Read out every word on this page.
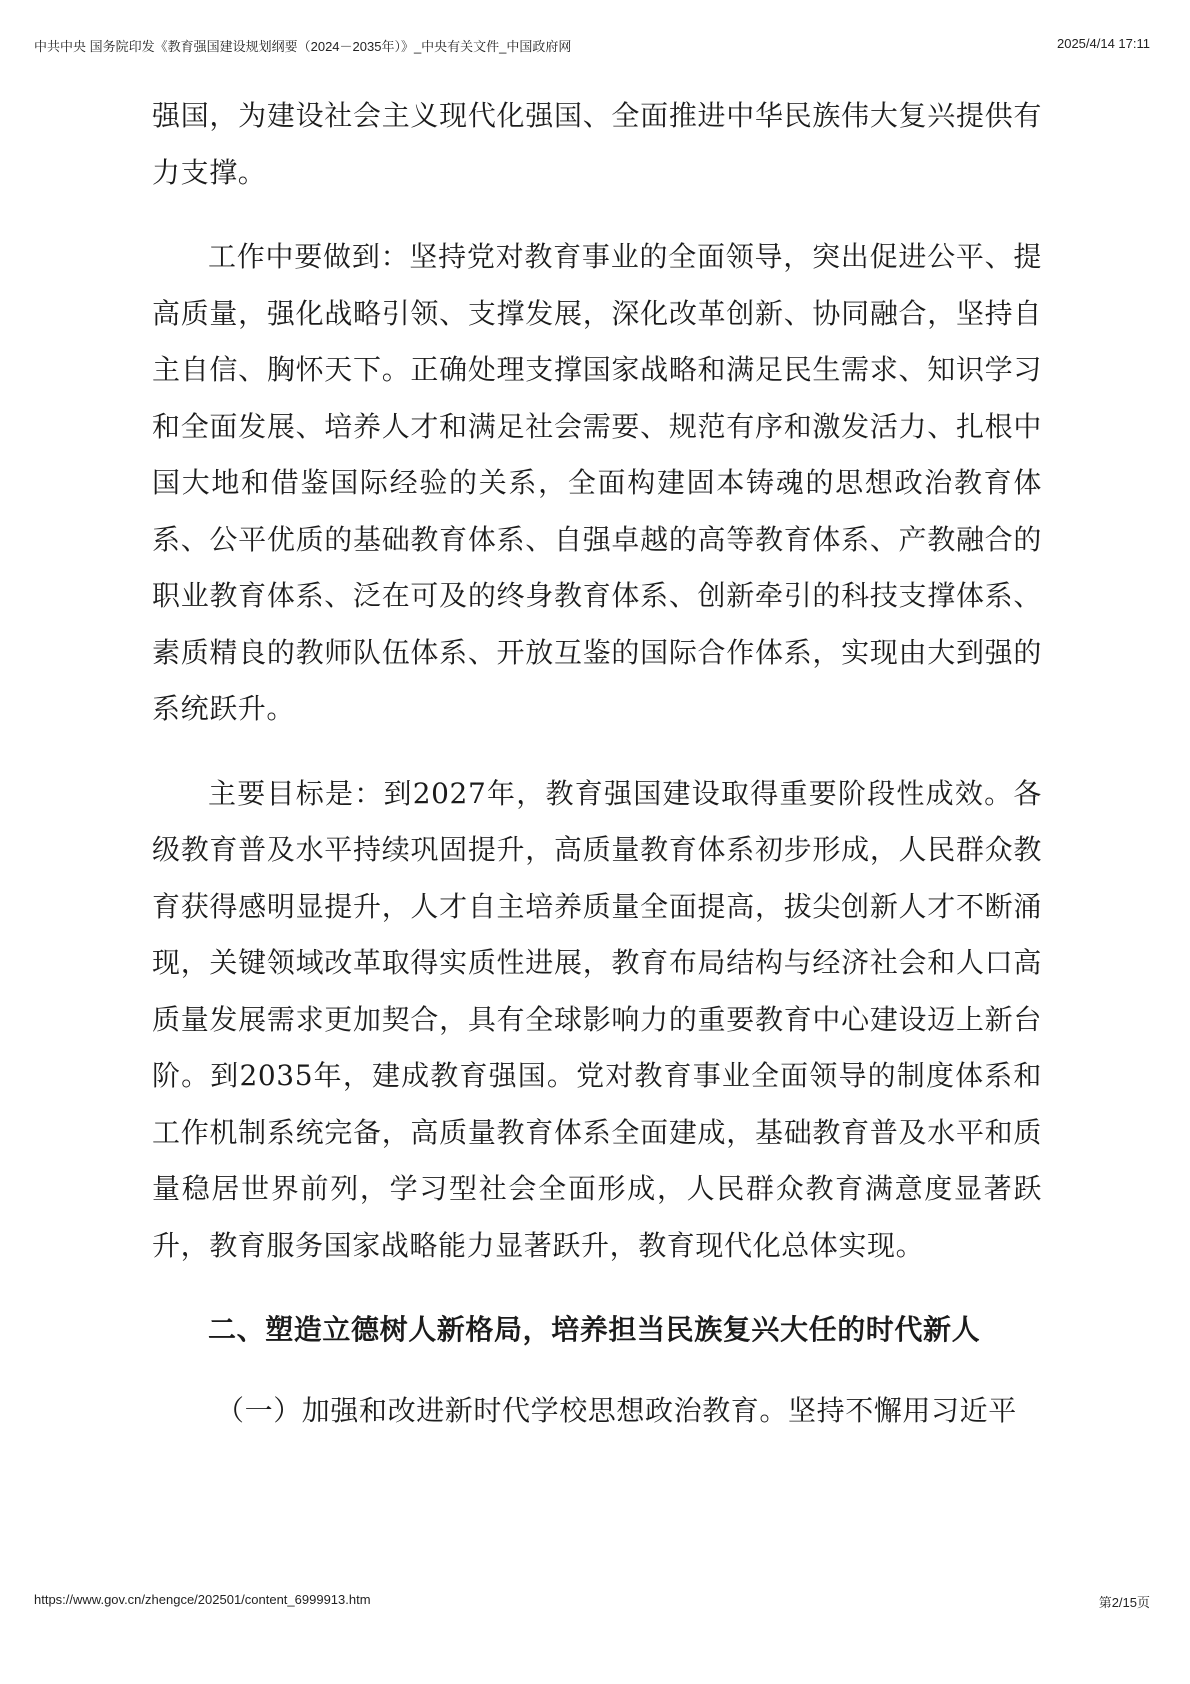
中共中央 国务院印发《教育强国建设规划纲要（2024－2035年）》_中央有关文件_中国政府网	2025/4/14 17:11

强国，为建设社会主义现代化强国、全面推进中华民族伟大复兴提供有力支撑。

工作中要做到：坚持党对教育事业的全面领导，突出促进公平、提高质量，强化战略引领、支撑发展，深化改革创新、协同融合，坚持自主自信、胸怀天下。正确处理支撑国家战略和满足民生需求、知识学习和全面发展、培养人才和满足社会需要、规范有序和激发活力、扎根中国大地和借鉴国际经验的关系，全面构建固本铸魂的思想政治教育体系、公平优质的基础教育体系、自强卓越的高等教育体系、产教融合的职业教育体系、泛在可及的终身教育体系、创新牵引的科技支撑体系、素质精良的教师队伍体系、开放互鉴的国际合作体系，实现由大到强的系统跃升。

主要目标是：到2027年，教育强国建设取得重要阶段性成效。各级教育普及水平持续巩固提升，高质量教育体系初步形成，人民群众教育获得感明显提升，人才自主培养质量全面提高，拔尖创新人才不断涌现，关键领域改革取得实质性进展，教育布局结构与经济社会和人口高质量发展需求更加契合，具有全球影响力的重要教育中心建设迈上新台阶。到2035年，建成教育强国。党对教育事业全面领导的制度体系和工作机制系统完备，高质量教育体系全面建成，基础教育普及水平和质量稳居世界前列，学习型社会全面形成，人民群众教育满意度显著跃升，教育服务国家战略能力显著跃升，教育现代化总体实现。

二、塑造立德树人新格局，培养担当民族复兴大任的时代新人

（一）加强和改进新时代学校思想政治教育。坚持不懈用习近平

https://www.gov.cn/zhengce/202501/content_6999913.htm	第2/15页
